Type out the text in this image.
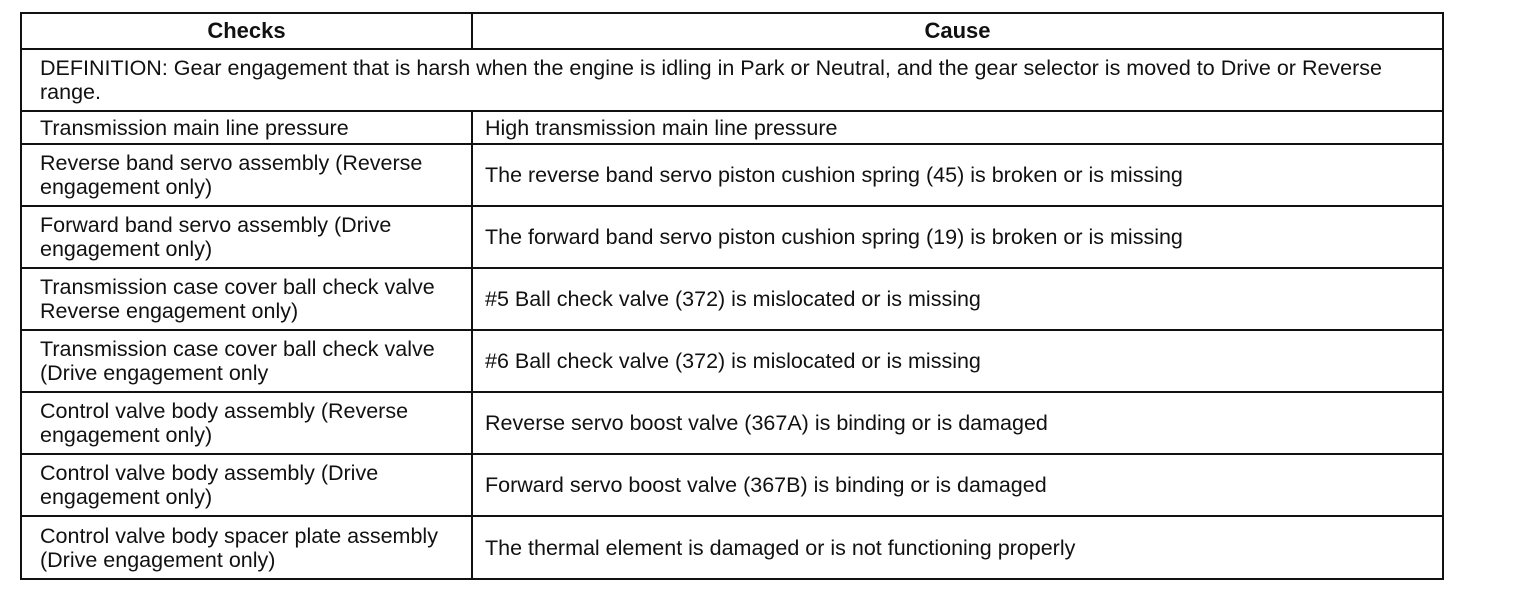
Checks	Cause
DEFINITION: Gear engagement that is harsh when the engine is idling in Park or Neutral, and the gear selector is moved to Drive or Reverse range.	
Transmission main line pressure	High transmission main line pressure
Reverse band servo assembly (Reverse engagement only)	The reverse band servo piston cushion spring (45) is broken or is missing
Forward band servo assembly (Drive engagement only)	The forward band servo piston cushion spring (19) is broken or is missing
Transmission case cover ball check valve Reverse engagement only)	#5 Ball check valve (372) is mislocated or is missing
Transmission case cover ball check valve (Drive engagement only	#6 Ball check valve (372) is mislocated or is missing
Control valve body assembly (Reverse engagement only)	Reverse servo boost valve (367A) is binding or is damaged
Control valve body assembly (Drive engagement only)	Forward servo boost valve (367B) is binding or is damaged
Control valve body spacer plate assembly (Drive engagement only)	The thermal element is damaged or is not functioning properly
